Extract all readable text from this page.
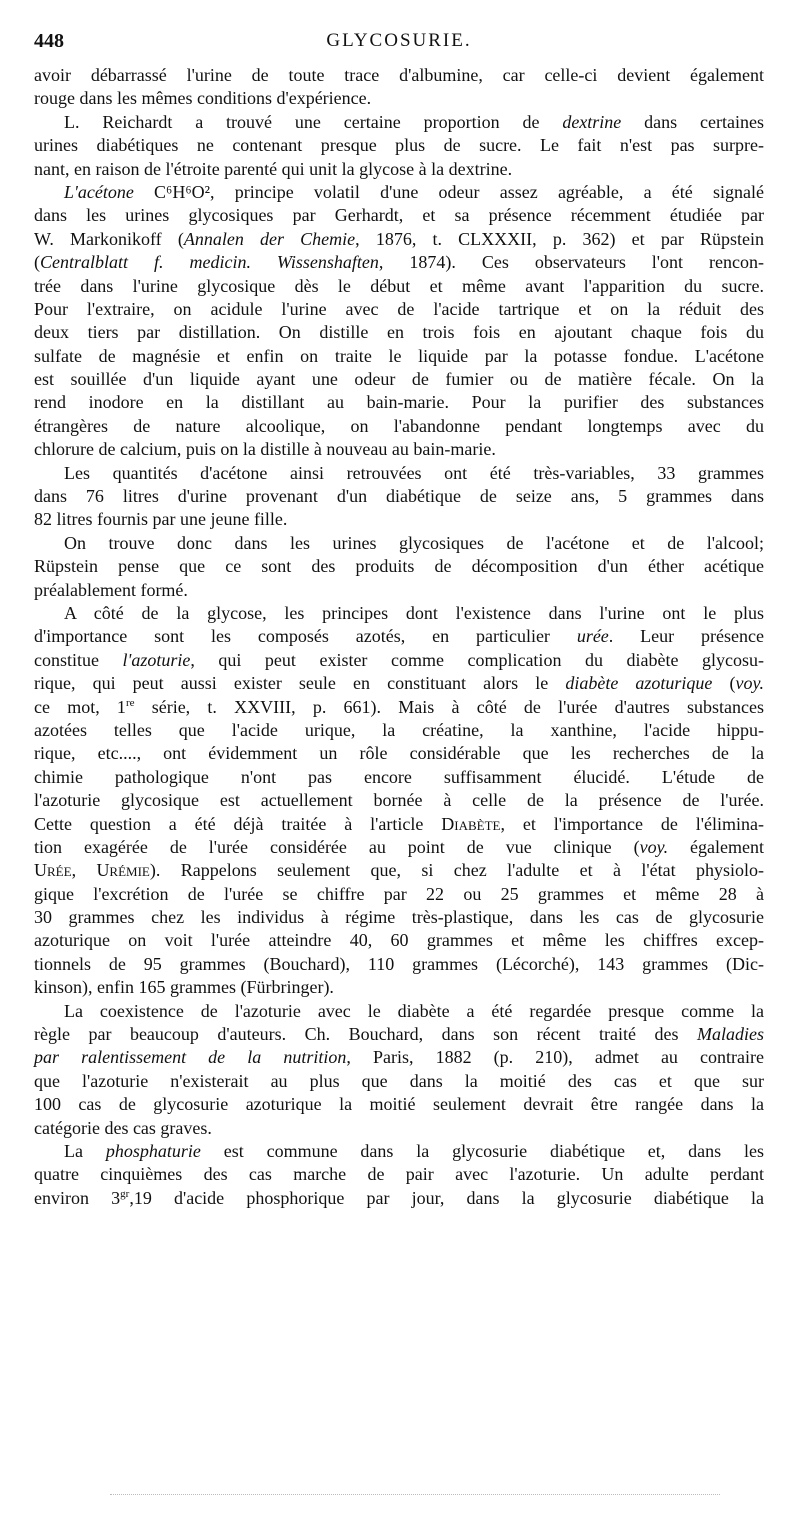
448	GLYCOSURIE.
avoir débarrassé l'urine de toute trace d'albumine, car celle-ci devient également
rouge dans les mêmes conditions d'expérience.
L. Reichardt a trouvé une certaine proportion de dextrine dans certaines
urines diabétiques ne contenant presque plus de sucre. Le fait n'est pas surpre-
nant, en raison de l'étroite parenté qui unit la glycose à la dextrine.
L'acétone C⁶H⁶O², principe volatil d'une odeur assez agréable, a été signalé
dans les urines glycosiques par Gerhardt, et sa présence récemment étudiée par
W. Markonikoff (Annalen der Chemie, 1876, t. CLXXXII, p. 362) et par Rüpstein
(Centralblatt f. medicin. Wissenshaften, 1874). Ces observateurs l'ont rencon-
trée dans l'urine glycosique dès le début et même avant l'apparition du sucre.
Pour l'extraire, on acidule l'urine avec de l'acide tartrique et on la réduit des
deux tiers par distillation. On distille en trois fois en ajoutant chaque fois du
sulfate de magnésie et enfin on traite le liquide par la potasse fondue. L'acétone
est souillée d'un liquide ayant une odeur de fumier ou de matière fécale. On la
rend inodore en la distillant au bain-marie. Pour la purifier des substances
étrangères de nature alcoolique, on l'abandonne pendant longtemps avec du
chlorure de calcium, puis on la distille à nouveau au bain-marie.
Les quantités d'acétone ainsi retrouvées ont été très-variables, 33 grammes
dans 76 litres d'urine provenant d'un diabétique de seize ans, 5 grammes dans
82 litres fournis par une jeune fille.
On trouve donc dans les urines glycosiques de l'acétone et de l'alcool;
Rüpstein pense que ce sont des produits de décomposition d'un éther acétique
préalablement formé.
A côté de la glycose, les principes dont l'existence dans l'urine ont le plus
d'importance sont les composés azotés, en particulier urée. Leur présence
constitue l'azoturie, qui peut exister comme complication du diabète glycosu-
rique, qui peut aussi exister seule en constituant alors le diabète azoturique (voy.
ce mot, 1re série, t. XXVIII, p. 661). Mais à côté de l'urée d'autres substances
azotées telles que l'acide urique, la créatine, la xanthine, l'acide hippu-
rique, etc...., ont évidemment un rôle considérable que les recherches de la
chimie pathologique n'ont pas encore suffisamment élucidé. L'étude de
l'azoturie glycosique est actuellement bornée à celle de la présence de l'urée.
Cette question a été déjà traitée à l'article Diabète, et l'importance de l'élimina-
tion exagérée de l'urée considérée au point de vue clinique (voy. également
Urée, Urémie). Rappelons seulement que, si chez l'adulte et à l'état physiolo-
gique l'excrétion de l'urée se chiffre par 22 ou 25 grammes et même 28 à
30 grammes chez les individus à régime très-plastique, dans les cas de glycosurie
azoturique on voit l'urée atteindre 40, 60 grammes et même les chiffres excep-
tionnels de 95 grammes (Bouchard), 110 grammes (Lécorché), 143 grammes (Dic-
kinson), enfin 165 grammes (Fürbringer).
La coexistence de l'azoturie avec le diabète a été regardée presque comme la
règle par beaucoup d'auteurs. Ch. Bouchard, dans son récent traité des Maladies
par ralentissement de la nutrition, Paris, 1882 (p. 210), admet au contraire
que l'azoturie n'existerait au plus que dans la moitié des cas et que sur
100 cas de glycosurie azoturique la moitié seulement devrait être rangée dans la
catégorie des cas graves.
La phosphaturie est commune dans la glycosurie diabétique et, dans les
quatre cinquièmes des cas marche de pair avec l'azoturie. Un adulte perdant
environ $3^{gr},19$ d'acide phosphorique par jour, dans la glycosurie diabétique la
